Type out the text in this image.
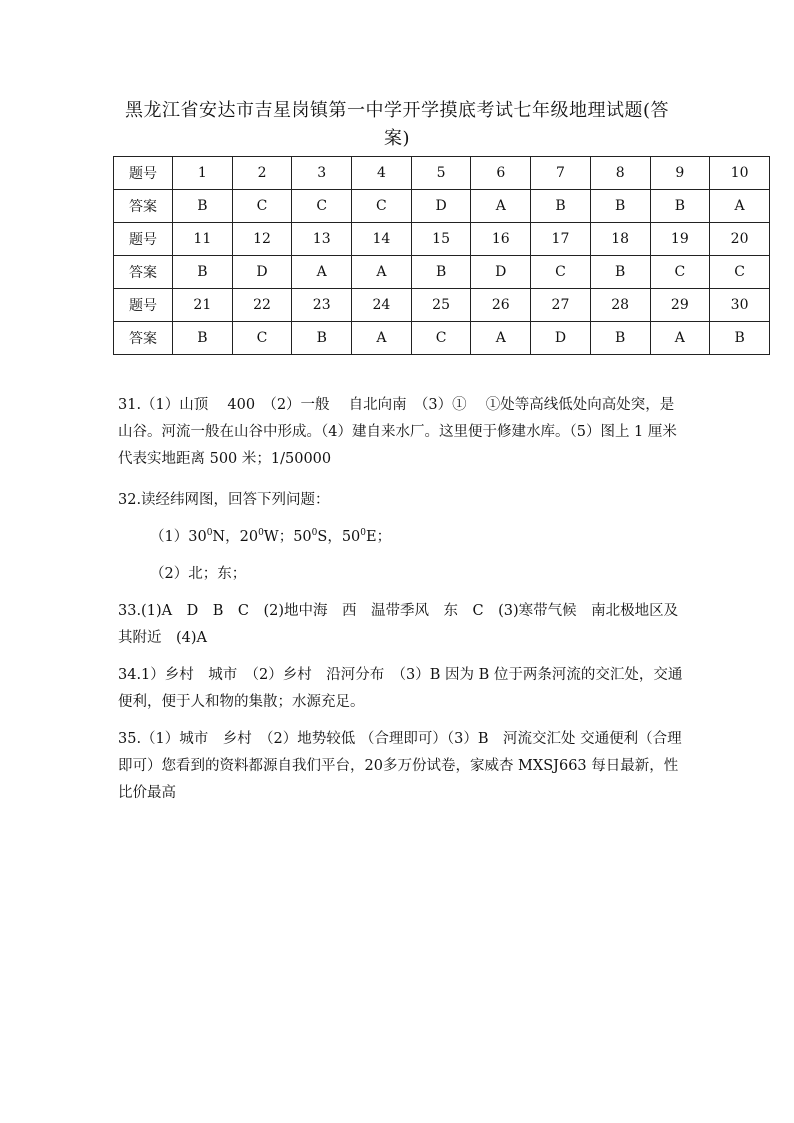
黑龙江省安达市吉星岗镇第一中学开学摸底考试七年级地理试题(答案)
题号	1	2	3	4	5	6	7	8	9	10
答案	B	C	C	C	D	A	B	B	B	A
题号	11	12	13	14	15	16	17	18	19	20
答案	B	D	A	A	B	D	C	B	C	C
题号	21	22	23	24	25	26	27	28	29	30
答案	B	C	B	A	C	A	D	B	A	B

31.（1）山顶　 400　（2）一般　 自北向南　（3）①　 ①处等高线低处向高处突，是山谷。河流一般在山谷中形成。（4）建自来水厂。这里便于修建水库。（5）图上 1 厘米代表实地距离 500 米；1/50000

32.读经纬网图，回答下列问题：

$(1)30^0N$，$20^0W$；$50^0S$，$50^0E$；

（2）北；东；

33.(1)A　D　B　C　(2)地中海　西　温带季风　东　C　(3)寒带气候　南北极地区及其附近　(4)A

34.1）乡村　城市　（2）乡村　沿河分布　（3）B 因为 B 位于两条河流的交汇处，交通便利，便于人和物的集散；水源充足。

35.（1）城市　乡村　（2）地势较低 （合理即可）（3）B　河流交汇处 交通便利（合理即可）您看到的资料都源自我们平台，20多万份试卷，家威杏 MXSJ663 每日最新，性比价最高
